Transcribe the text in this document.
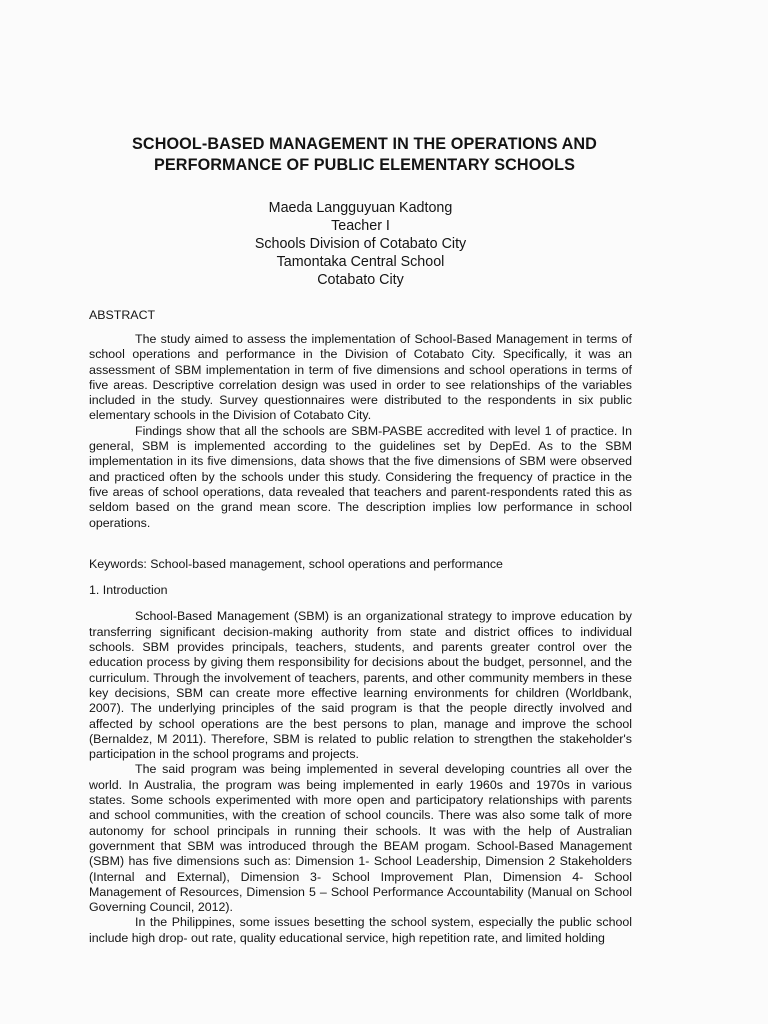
SCHOOL-BASED MANAGEMENT IN THE OPERATIONS AND
PERFORMANCE OF PUBLIC ELEMENTARY SCHOOLS
Maeda Langguyuan Kadtong
Teacher I
Schools Division of Cotabato City
Tamontaka Central School
Cotabato City

ABSTRACT

The study aimed to assess the implementation of School-Based Management in terms of school operations and performance in the Division of Cotabato City. Specifically, it was an assessment of SBM implementation in term of five dimensions and school operations in terms of five areas. Descriptive correlation design was used in order to see relationships of the variables included in the study. Survey questionnaires were distributed to the respondents in six public elementary schools in the Division of Cotabato City.

Findings show that all the schools are SBM-PASBE accredited with level 1 of practice. In general, SBM is implemented according to the guidelines set by DepEd. As to the SBM implementation in its five dimensions, data shows that the five dimensions of SBM were observed and practiced often by the schools under this study. Considering the frequency of practice in the five areas of school operations, data revealed that teachers and parent-respondents rated this as seldom based on the grand mean score. The description implies low performance in school operations.

Keywords: School-based management, school operations and performance

1. Introduction

School-Based Management (SBM) is an organizational strategy to improve education by transferring significant decision-making authority from state and district offices to individual schools. SBM provides principals, teachers, students, and parents greater control over the education process by giving them responsibility for decisions about the budget, personnel, and the curriculum. Through the involvement of teachers, parents, and other community members in these key decisions, SBM can create more effective learning environments for children (Worldbank, 2007). The underlying principles of the said program is that the people directly involved and affected by school operations are the best persons to plan, manage and improve the school (Bernaldez, M 2011). Therefore, SBM is related to public relation to strengthen the stakeholder's participation in the school programs and projects.

The said program was being implemented in several developing countries all over the world. In Australia, the program was being implemented in early 1960s and 1970s in various states. Some schools experimented with more open and participatory relationships with parents and school communities, with the creation of school councils. There was also some talk of more autonomy for school principals in running their schools. It was with the help of Australian government that SBM was introduced through the BEAM progam. School-Based Management (SBM) has five dimensions such as: Dimension 1- School Leadership, Dimension 2 Stakeholders (Internal and External), Dimension 3- School Improvement Plan, Dimension 4- School Management of Resources, Dimension 5 – School Performance Accountability (Manual on School Governing Council, 2012).

In the Philippines, some issues besetting the school system, especially the public school include high drop- out rate, quality educational service, high repetition rate, and limited holding
